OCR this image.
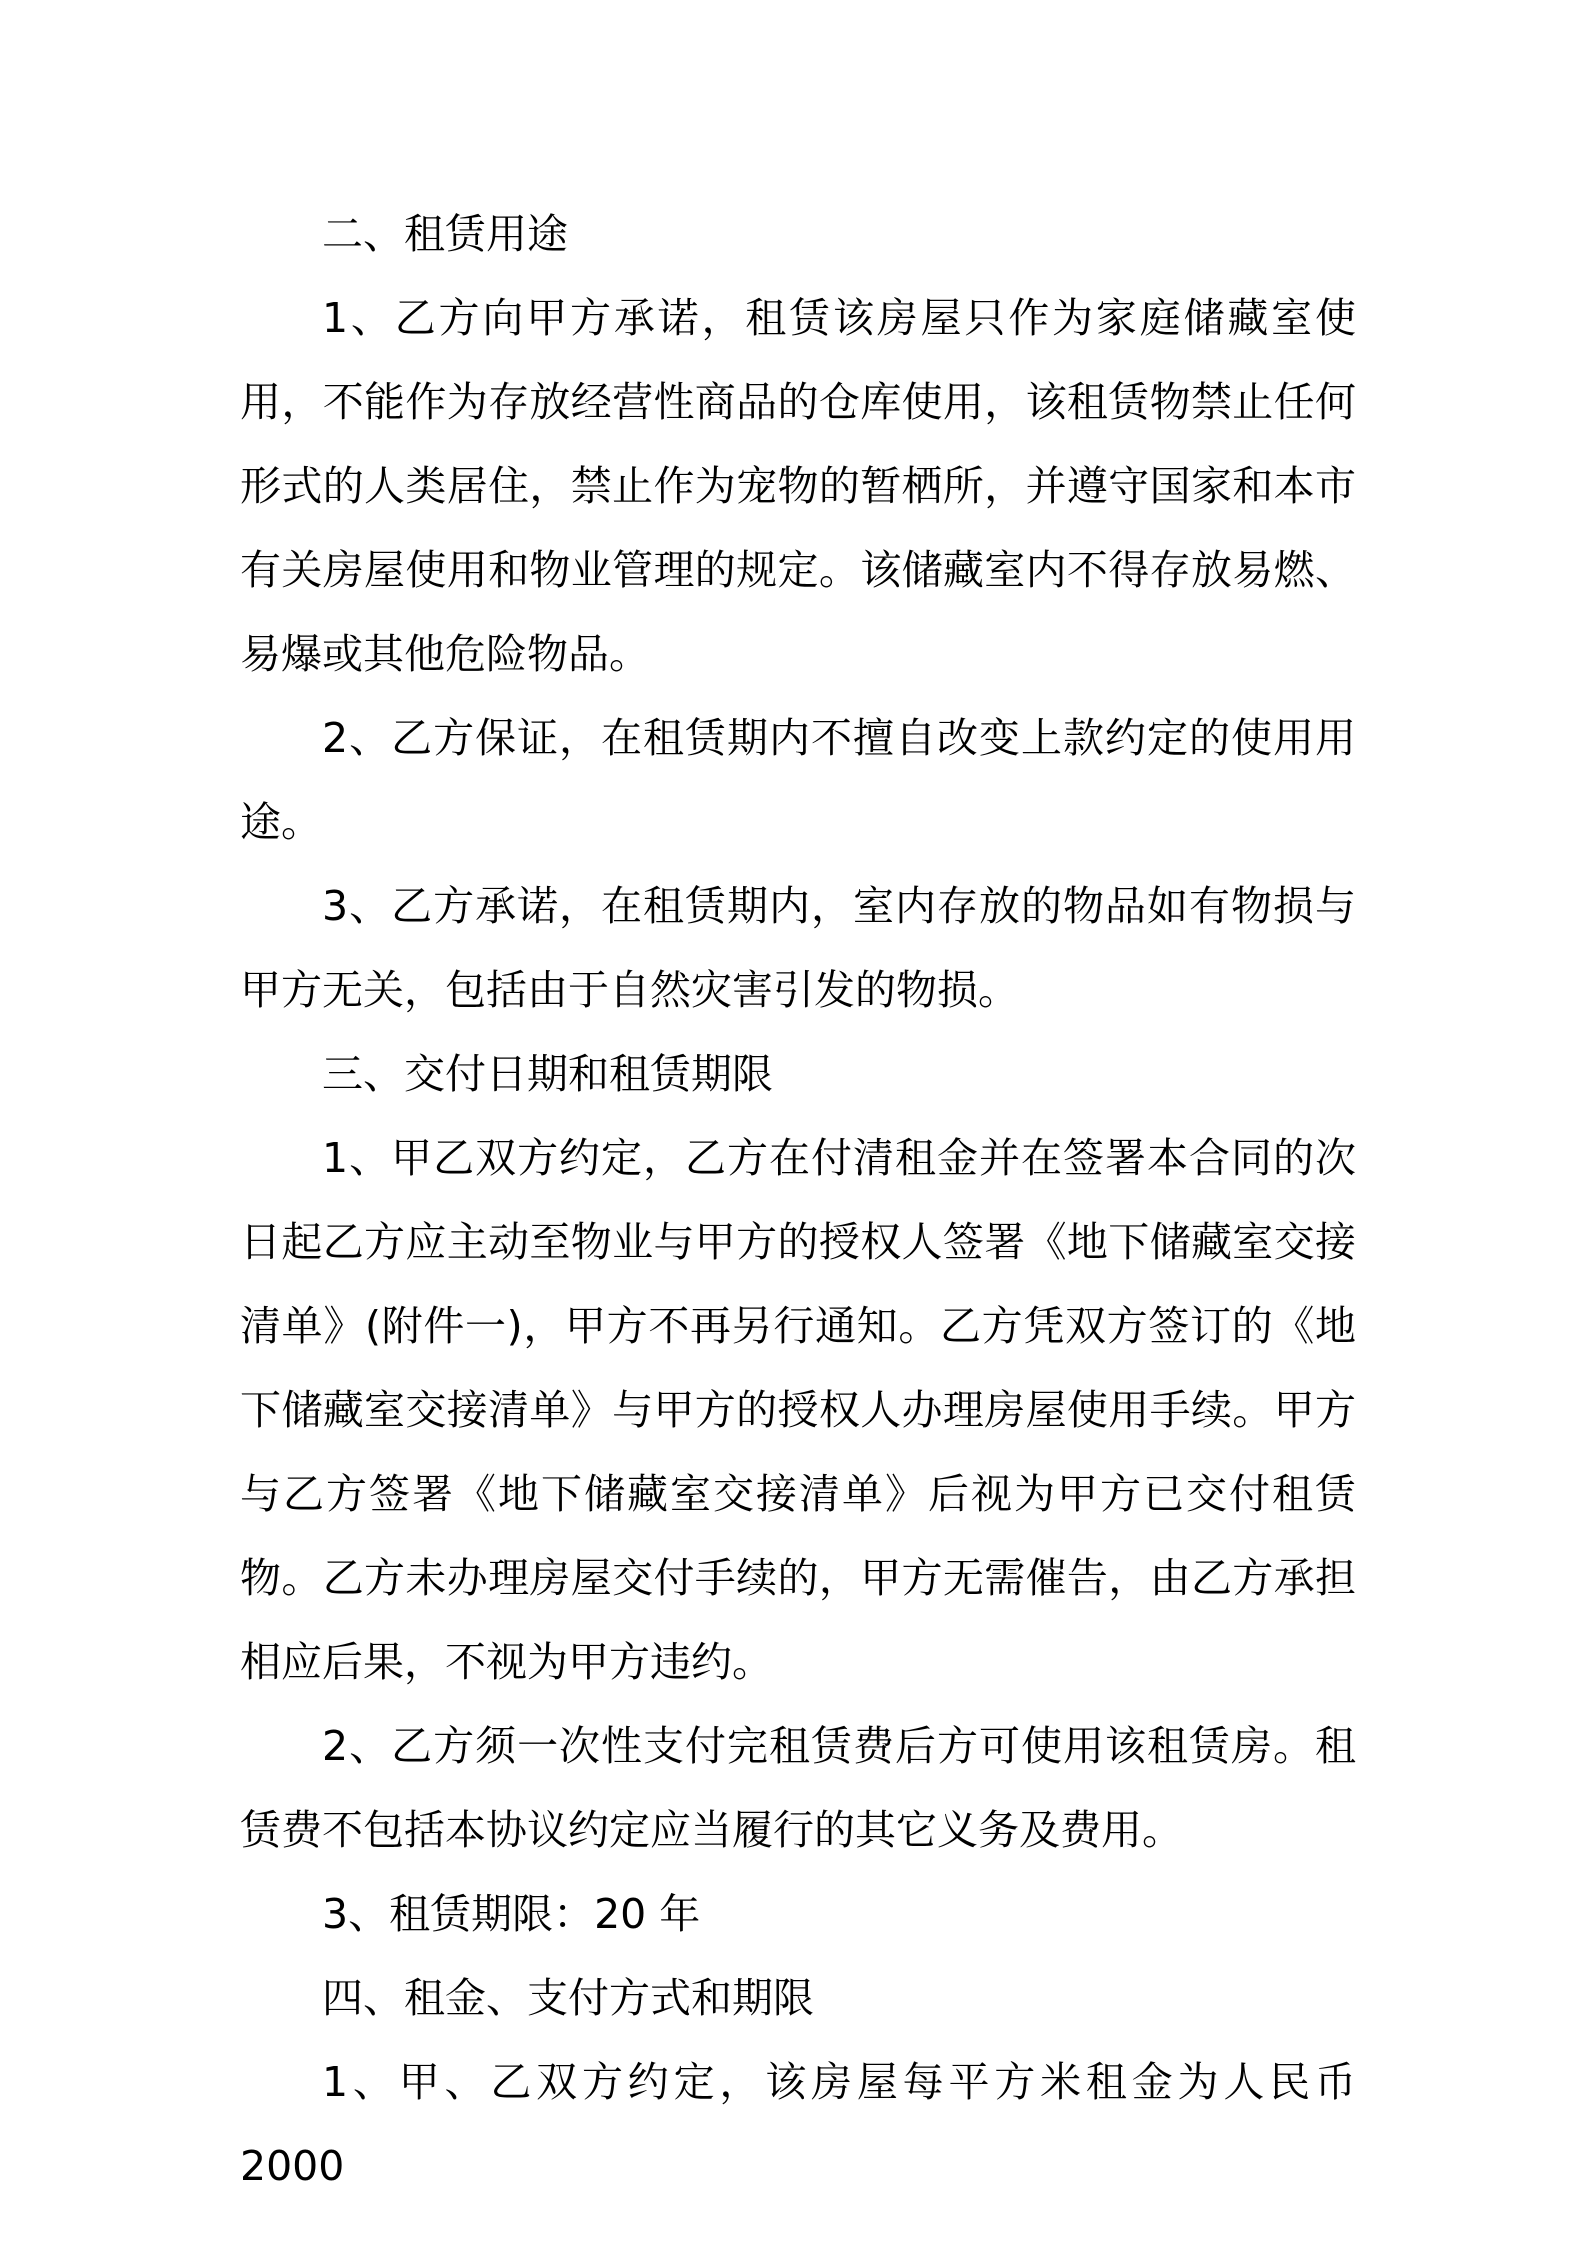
二、租赁用途

1、乙方向甲方承诺，租赁该房屋只作为家庭储藏室使用，不能作为存放经营性商品的仓库使用，该租赁物禁止任何形式的人类居住，禁止作为宠物的暂栖所，并遵守国家和本市有关房屋使用和物业管理的规定。该储藏室内不得存放易燃、易爆或其他危险物品。

2、乙方保证，在租赁期内不擅自改变上款约定的使用用途。

3、乙方承诺，在租赁期内，室内存放的物品如有物损与甲方无关，包括由于自然灾害引发的物损。

三、交付日期和租赁期限

1、甲乙双方约定，乙方在付清租金并在签署本合同的次日起乙方应主动至物业与甲方的授权人签署《地下储藏室交接清单》(附件一)，甲方不再另行通知。乙方凭双方签订的《地下储藏室交接清单》与甲方的授权人办理房屋使用手续。甲方与乙方签署《地下储藏室交接清单》后视为甲方已交付租赁物。乙方未办理房屋交付手续的，甲方无需催告，由乙方承担相应后果，不视为甲方违约。

2、乙方须一次性支付完租赁费后方可使用该租赁房。租赁费不包括本协议约定应当履行的其它义务及费用。

3、租赁期限：20 年

四、租金、支付方式和期限

1、甲、乙双方约定，该房屋每平方米租金为人民币 2000
